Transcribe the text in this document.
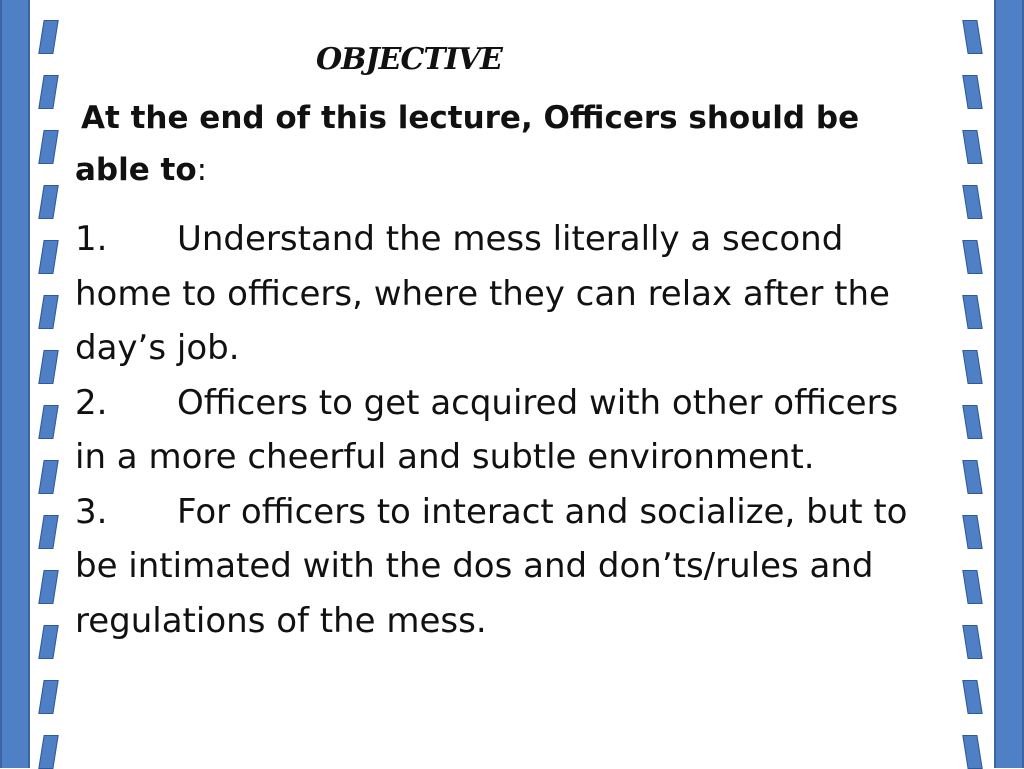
OBJECTIVE

At the end of this lecture, Officers should be able to:

1. Understand the mess literally a second home to officers, where they can relax after the day’s job.
2. Officers to get acquired with other officers in a more cheerful and subtle environment.
3. For officers to interact and socialize, but to be intimated with the dos and don’ts/rules and regulations of the mess.
